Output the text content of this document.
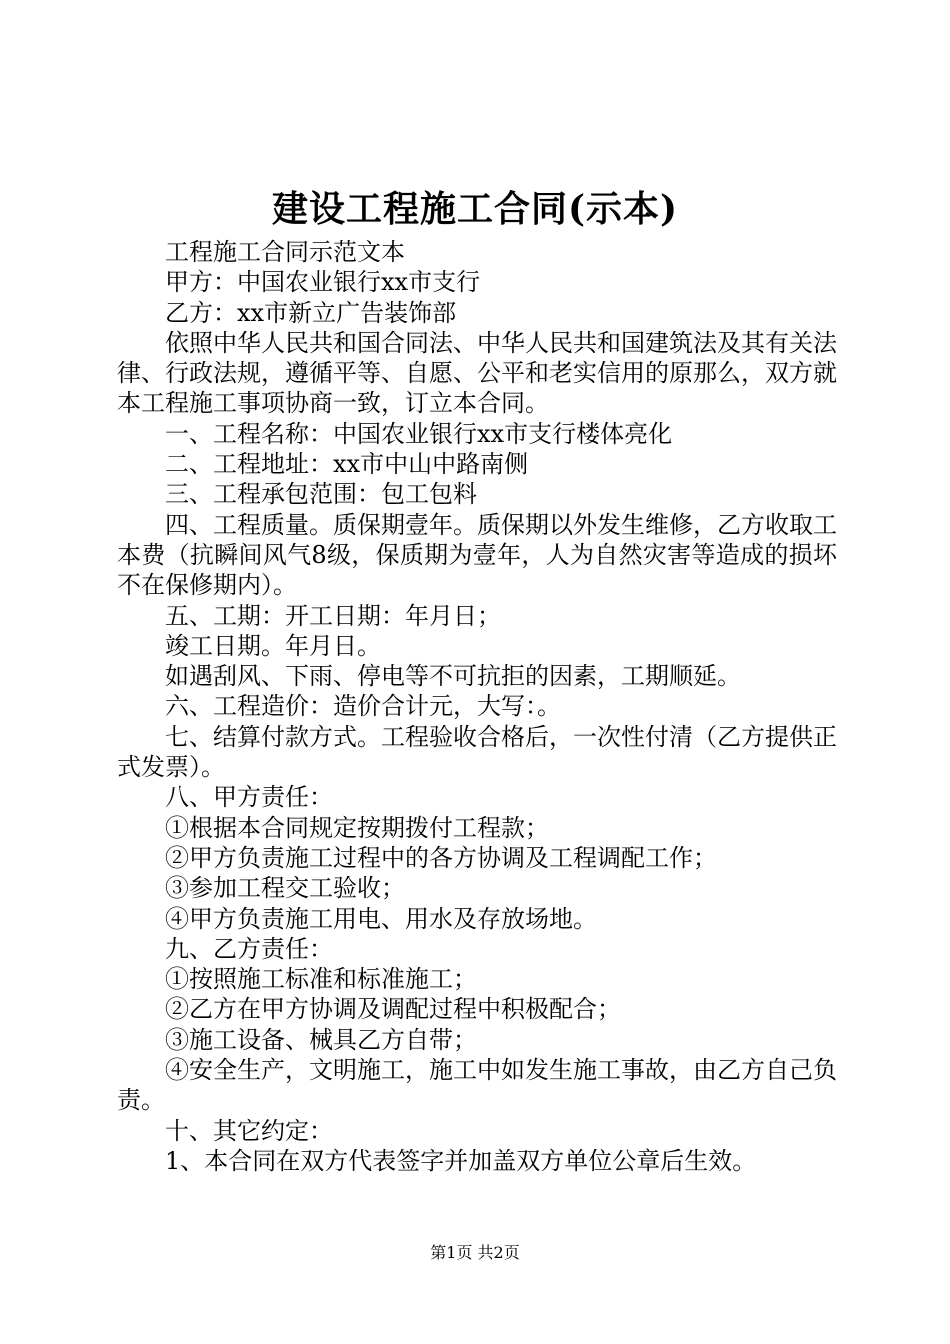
建设工程施工合同(示本)

工程施工合同示范文本

甲方：中国农业银行xx市支行

乙方：xx市新立广告装饰部

依照中华人民共和国合同法、中华人民共和国建筑法及其有关法律、行政法规，遵循平等、自愿、公平和老实信用的原那么，双方就本工程施工事项协商一致，订立本合同。

一、工程名称：中国农业银行xx市支行楼体亮化

二、工程地址：xx市中山中路南侧

三、工程承包范围：包工包料

四、工程质量。质保期壹年。质保期以外发生维修，乙方收取工本费（抗瞬间风气8级，保质期为壹年，人为自然灾害等造成的损坏不在保修期内）。

五、工期：开工日期：年月日；

竣工日期。年月日。

如遇刮风、下雨、停电等不可抗拒的因素，工期顺延。

六、工程造价：造价合计元，大写：。

七、结算付款方式。工程验收合格后，一次性付清（乙方提供正式发票）。

八、甲方责任：

①根据本合同规定按期拨付工程款；

②甲方负责施工过程中的各方协调及工程调配工作；

③参加工程交工验收；

④甲方负责施工用电、用水及存放场地。

九、乙方责任：

①按照施工标准和标准施工；

②乙方在甲方协调及调配过程中积极配合；

③施工设备、械具乙方自带；

④安全生产，文明施工，施工中如发生施工事故，由乙方自己负责。

十、其它约定：

1、本合同在双方代表签字并加盖双方单位公章后生效。

第1页 共2页
